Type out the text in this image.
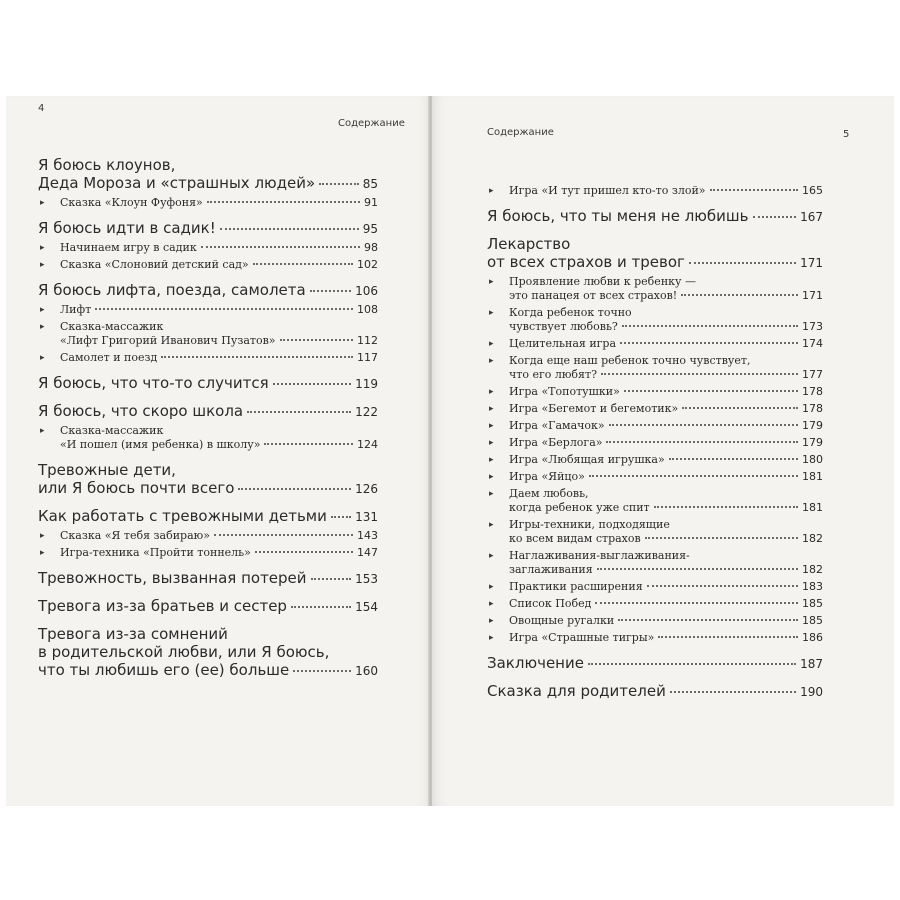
4
Содержание
Содержание	5
Я боюсь клоунов,
Деда Мороза и «страшных людей»	85
▸ Сказка «Клоун Фуфоня»	91
Я боюсь идти в садик!	95
▸ Начинаем игру в садик	98
▸ Сказка «Слоновий детский сад»	102
Я боюсь лифта, поезда, самолета	106
▸ Лифт	108
▸ Сказка-массажик
«Лифт Григорий Иванович Пузатов»	112
▸ Самолет и поезд	117
Я боюсь, что что-то случится	119
Я боюсь, что скоро школа	122
▸ Сказка-массажик
«И пошел (имя ребенка) в школу»	124
Тревожные дети,
или Я боюсь почти всего	126
Как работать с тревожными детьми 131
▸ Сказка «Я тебя забираю»	143
▸ Игра-техника «Пройти тоннель»	147
Тревожность, вызванная потерей	153
Тревога из-за братьев и сестер	154
Тревога из-за сомнений
в родительской любви, или Я боюсь,
что ты любишь его (ее) больше	160
▸ Игра «И тут пришел кто-то злой»	165
Я боюсь, что ты меня не любишь	167
Лекарство
от всех страхов и тревог	171
▸ Проявление любви к ребенку —
это панацея от всех страхов!	171
▸ Когда ребенок точно
чувствует любовь?	173
▸ Целительная игра	174
▸ Когда еще наш ребенок точно чувствует,
что его любят?	177
▸ Игра «Топотушки»	178
▸ Игра «Бегемот и бегемотик»	178
▸ Игра «Гамачок»	179
▸ Игра «Берлога»	179
▸ Игра «Любящая игрушка»	180
▸ Игра «Яйцо»	181
▸ Даем любовь,
когда ребенок уже спит	181
▸ Игры-техники, подходящие
ко всем видам страхов	182
▸ Наглаживания-выглаживания-
заглаживания	182
▸ Практики расширения	183
▸ Список Побед	185
▸ Овощные ругалки	185
▸ Игра «Страшные тигры»	186
Заключение	187
Сказка для родителей	190
